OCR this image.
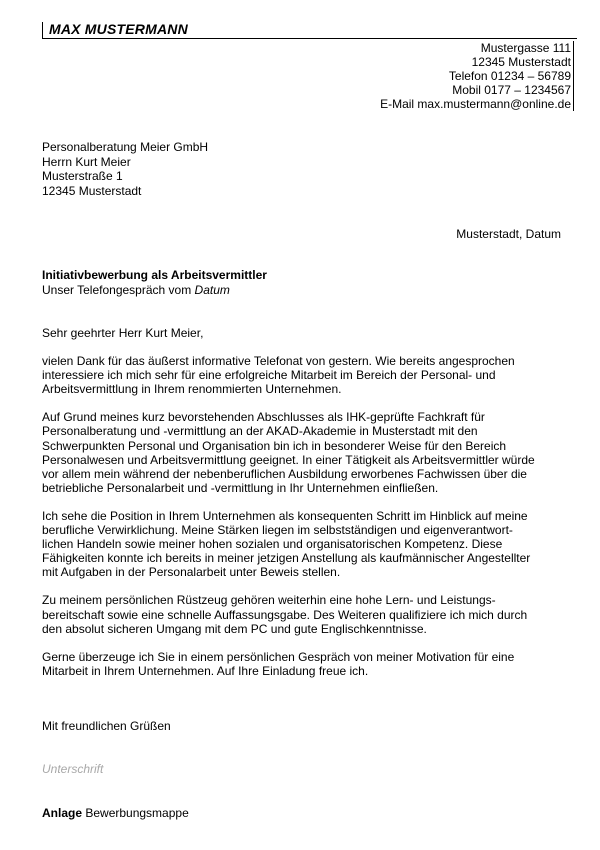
MAX MUSTERMANN
Mustergasse 111
12345 Musterstadt
Telefon 01234 – 56789
Mobil 0177 – 1234567
E-Mail max.mustermann@online.de
Personalberatung Meier GmbH
Herrn Kurt Meier
Musterstraße 1
12345 Musterstadt
Musterstadt, Datum
Initiativbewerbung als Arbeitsvermittler
Unser Telefongespräch vom Datum

Sehr geehrter Herr Kurt Meier,

vielen Dank für das äußerst informative Telefonat von gestern. Wie bereits angesprochen
interessiere ich mich sehr für eine erfolgreiche Mitarbeit im Bereich der Personal- und
Arbeitsvermittlung in Ihrem renommierten Unternehmen.

Auf Grund meines kurz bevorstehenden Abschlusses als IHK-geprüfte Fachkraft für
Personalberatung und -vermittlung an der AKAD-Akademie in Musterstadt mit den
Schwerpunkten Personal und Organisation bin ich in besonderer Weise für den Bereich
Personalwesen und Arbeitsvermittlung geeignet. In einer Tätigkeit als Arbeitsvermittler würde
vor allem mein während der nebenberuflichen Ausbildung erworbenes Fachwissen über die
betriebliche Personalarbeit und -vermittlung in Ihr Unternehmen einfließen.

Ich sehe die Position in Ihrem Unternehmen als konsequenten Schritt im Hinblick auf meine
berufliche Verwirklichung. Meine Stärken liegen im selbstständigen und eigenverantwort-
lichen Handeln sowie meiner hohen sozialen und organisatorischen Kompetenz. Diese
Fähigkeiten konnte ich bereits in meiner jetzigen Anstellung als kaufmännischer Angestellter
mit Aufgaben in der Personalarbeit unter Beweis stellen.

Zu meinem persönlichen Rüstzeug gehören weiterhin eine hohe Lern- und Leistungs-
bereitschaft sowie eine schnelle Auffassungsgabe. Des Weiteren qualifiziere ich mich durch
den absolut sicheren Umgang mit dem PC und gute Englischkenntnisse.

Gerne überzeuge ich Sie in einem persönlichen Gespräch von meiner Motivation für eine
Mitarbeit in Ihrem Unternehmen. Auf Ihre Einladung freue ich.

Mit freundlichen Grüßen
Unterschrift
Anlage Bewerbungsmappe
